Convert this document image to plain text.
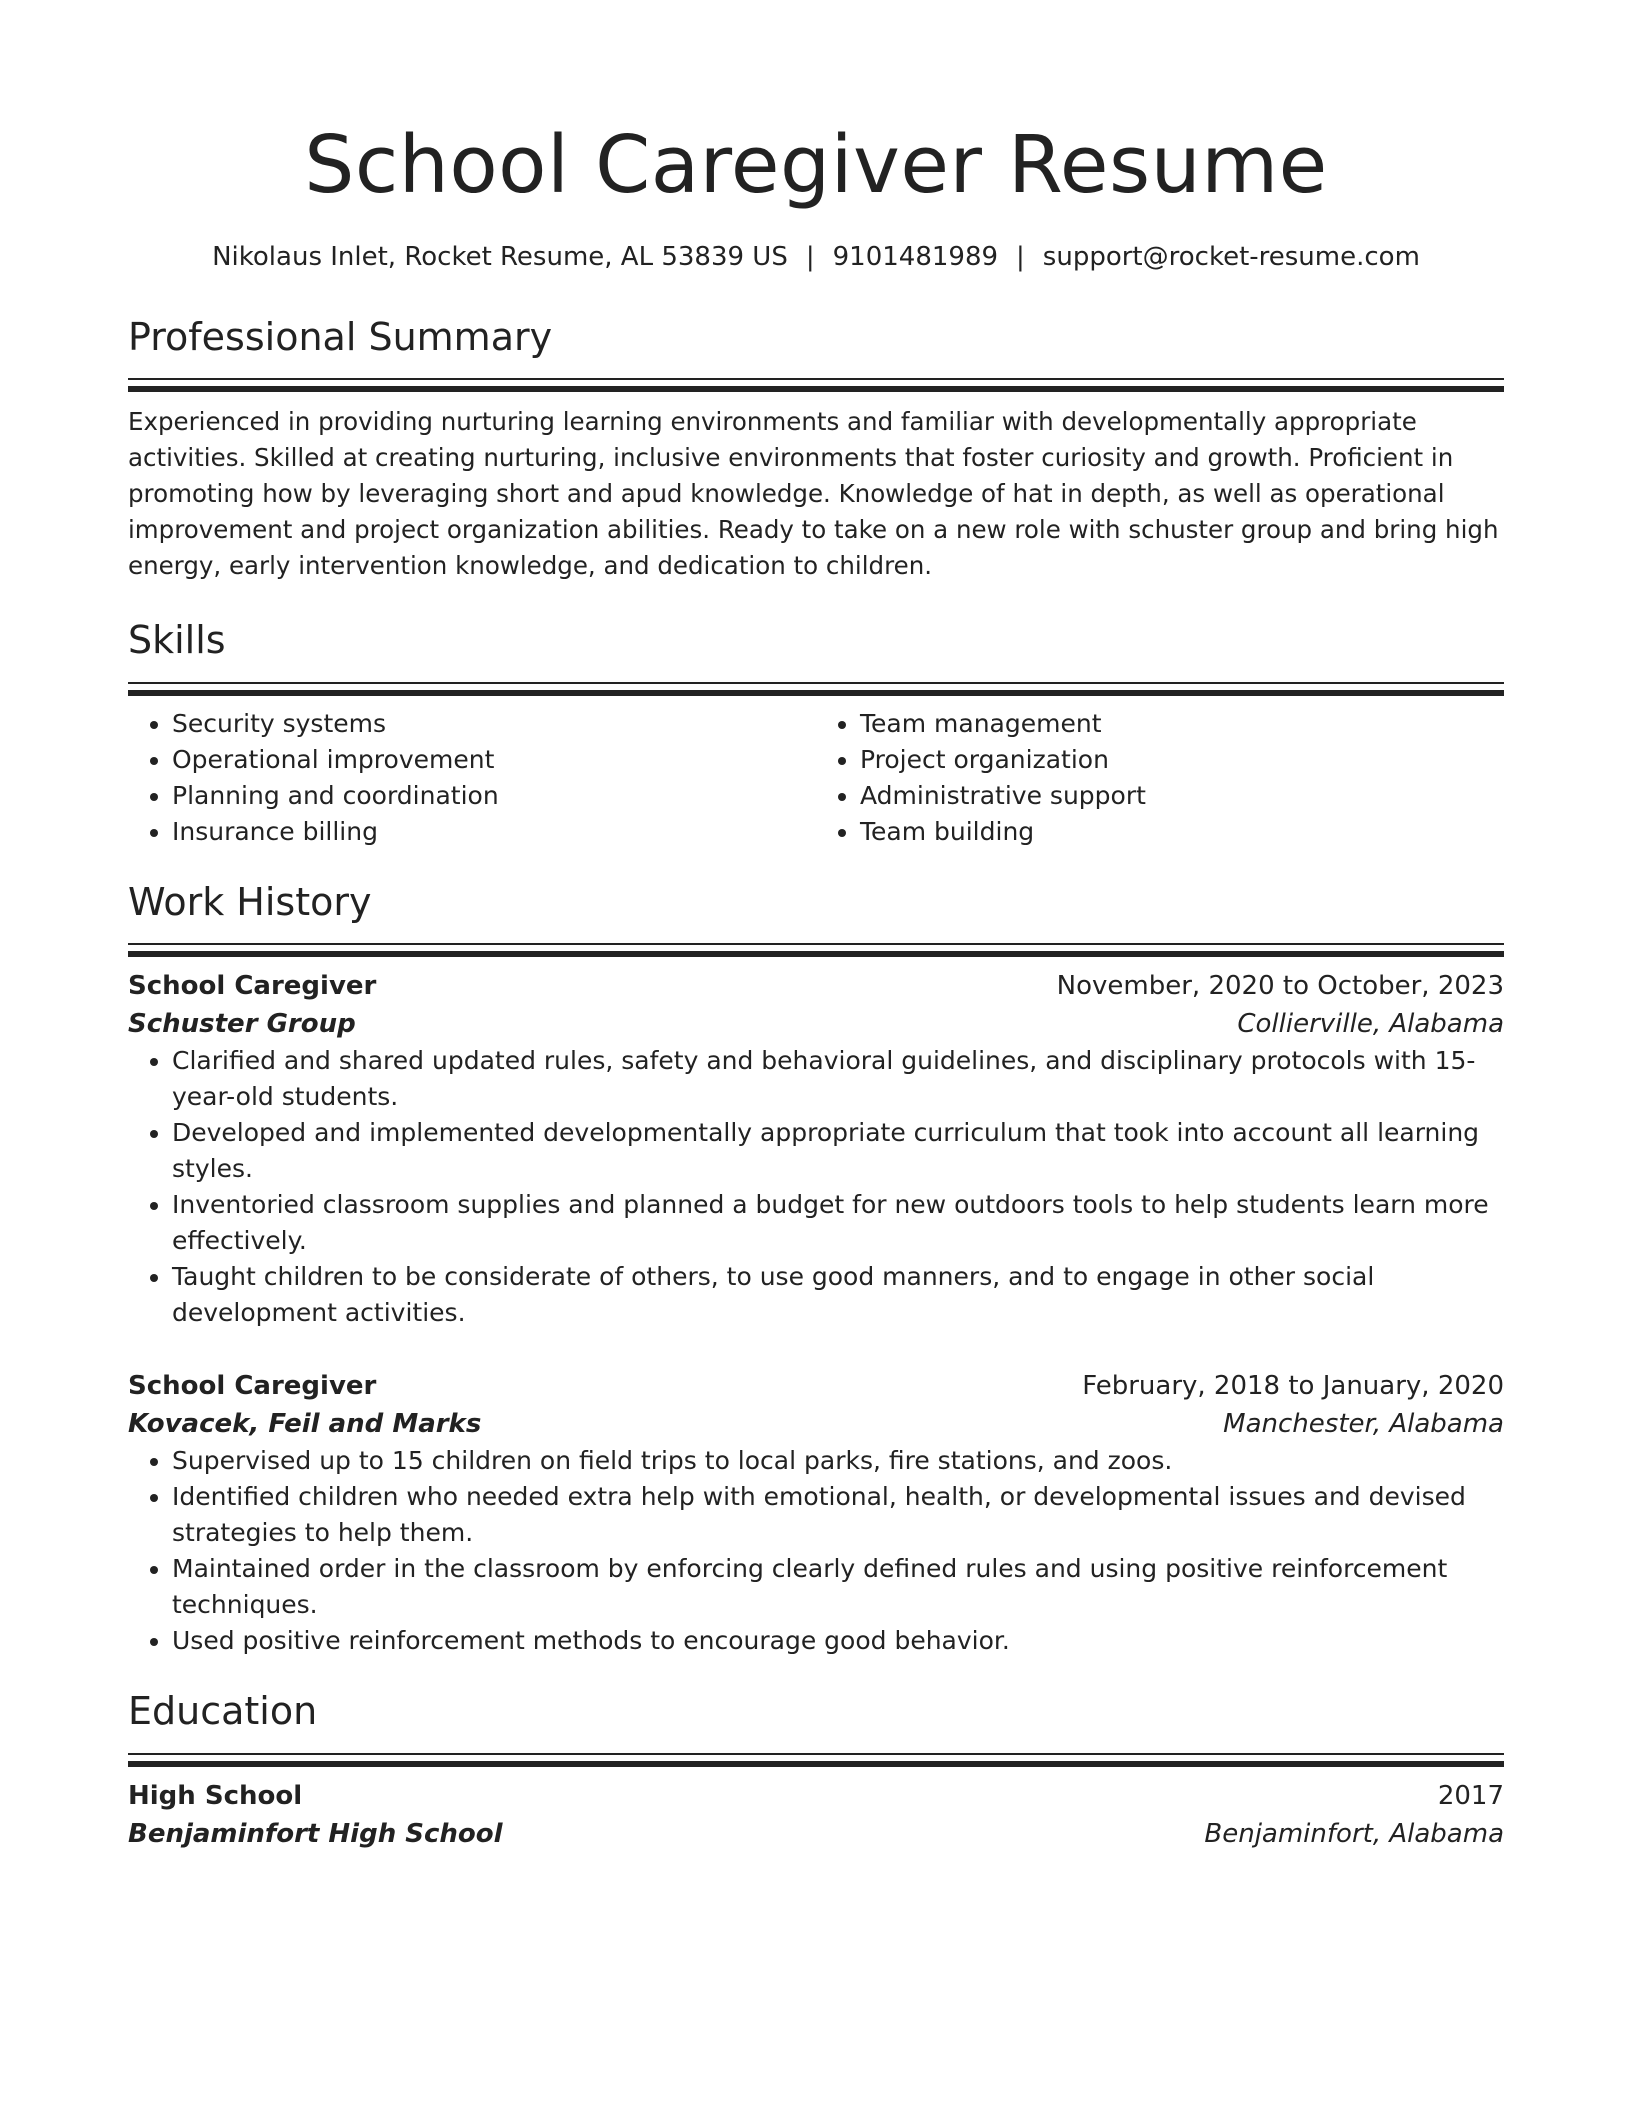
School Caregiver Resume
Nikolaus Inlet, Rocket Resume, AL 53839 US | 9101481989 | support@rocket-resume.com
Professional Summary

Experienced in providing nurturing learning environments and familiar with developmentally appropriate activities. Skilled at creating nurturing, inclusive environments that foster curiosity and growth. Proficient in promoting how by leveraging short and apud knowledge. Knowledge of hat in depth, as well as operational improvement and project organization abilities. Ready to take on a new role with schuster group and bring high energy, early intervention knowledge, and dedication to children.

Skills
• Security systems
• Operational improvement
• Planning and coordination
• Insurance billing
• Team management
• Project organization
• Administrative support
• Team building
Work History
School Caregiver	November, 2020 to October, 2023
Schuster Group	Collierville, Alabama
• Clarified and shared updated rules, safety and behavioral guidelines, and disciplinary protocols with 15-year-old students.
• Developed and implemented developmentally appropriate curriculum that took into account all learning styles.
• Inventoried classroom supplies and planned a budget for new outdoors tools to help students learn more effectively.
• Taught children to be considerate of others, to use good manners, and to engage in other social development activities.
School Caregiver	February, 2018 to January, 2020
Kovacek, Feil and Marks	Manchester, Alabama
• Supervised up to 15 children on field trips to local parks, fire stations, and zoos.
• Identified children who needed extra help with emotional, health, or developmental issues and devised strategies to help them.
• Maintained order in the classroom by enforcing clearly defined rules and using positive reinforcement techniques.
• Used positive reinforcement methods to encourage good behavior.
Education
High School	2017
Benjaminfort High School	Benjaminfort, Alabama
